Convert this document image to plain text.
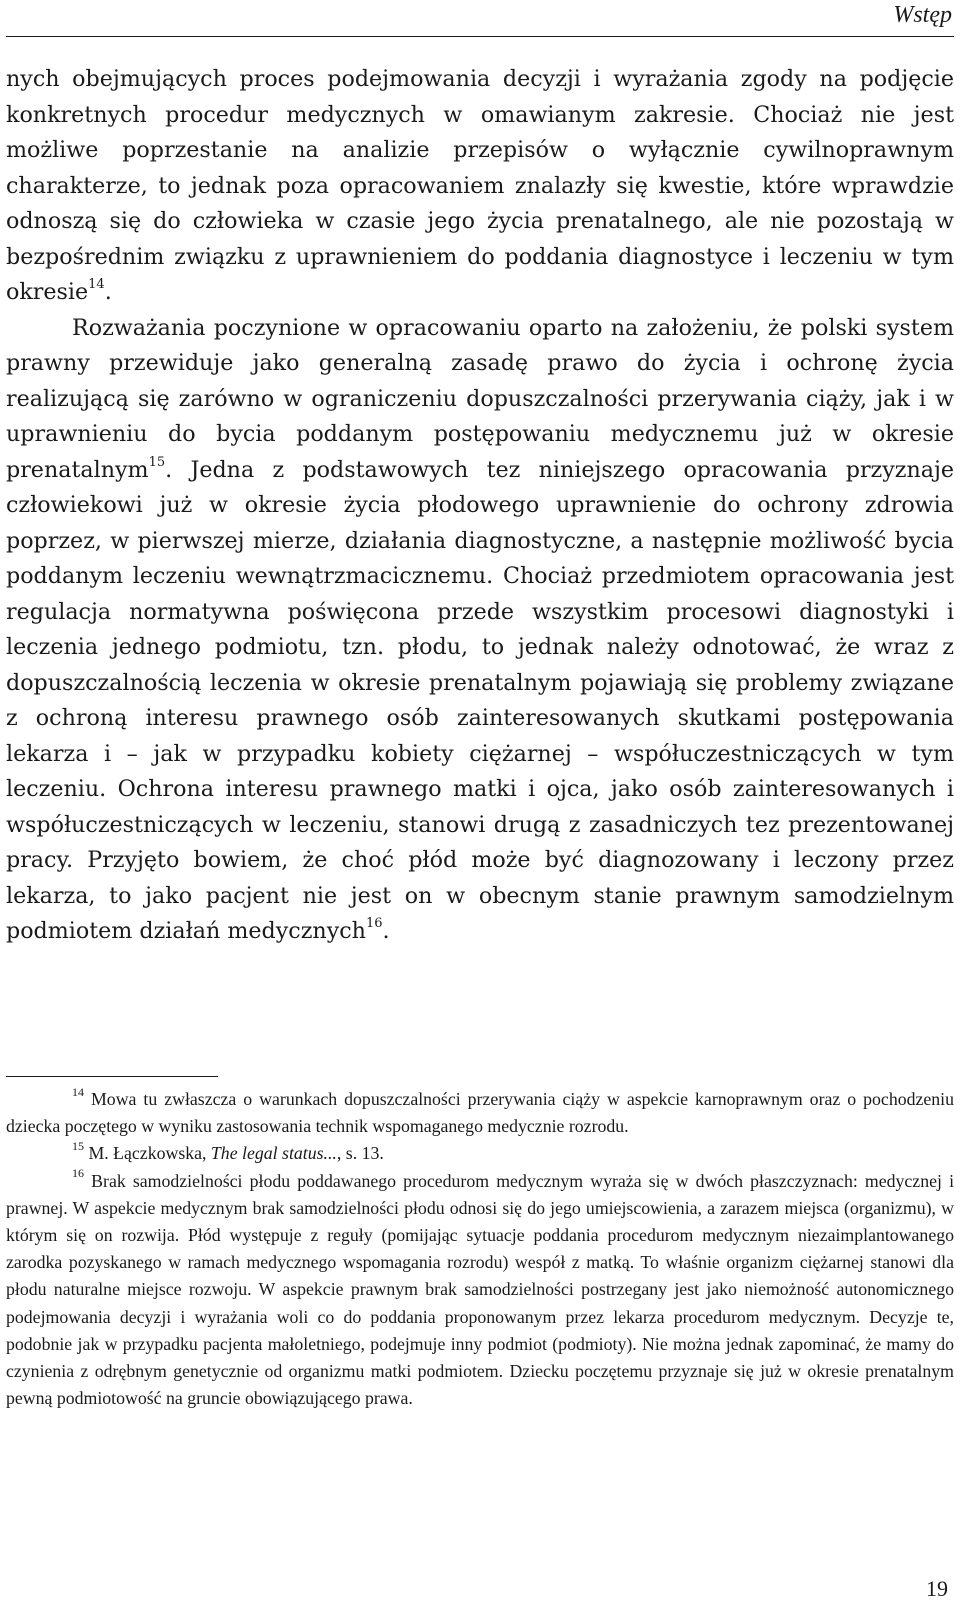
Wstęp

nych obejmujących proces podejmowania decyzji i wyrażania zgody na podjęcie konkretnych procedur medycznych w omawianym zakresie. Chociaż nie jest możliwe poprzestanie na analizie przepisów o wyłącznie cywilnoprawnym charakterze, to jednak poza opracowaniem znalazły się kwestie, które wprawdzie odnoszą się do człowieka w czasie jego życia prenatalnego, ale nie pozostają w bezpośrednim związku z uprawnieniem do poddania diagnostyce i leczeniu w tym okresie$^{14}$.

Rozważania poczynione w opracowaniu oparto na założeniu, że polski system prawny przewiduje jako generalną zasadę prawo do życia i ochronę życia realizującą się zarówno w ograniczeniu dopuszczalności przerywania ciąży, jak i w uprawnieniu do bycia poddanym postępowaniu medycznemu już w okresie prenatalnym$^{15}$. Jedna z podstawowych tez niniejszego opracowania przyznaje człowiekowi już w okresie życia płodowego uprawnienie do ochrony zdrowia poprzez, w pierwszej mierze, działania diagnostyczne, a następnie możliwość bycia poddanym leczeniu wewnątrzmacicznemu. Chociaż przedmiotem opracowania jest regulacja normatywna poświęcona przede wszystkim procesowi diagnostyki i leczenia jednego podmiotu, tzn. płodu, to jednak należy odnotować, że wraz z dopuszczalnością leczenia w okresie prenatalnym pojawiają się problemy związane z ochroną interesu prawnego osób zainteresowanych skutkami postępowania lekarza i – jak w przypadku kobiety ciężarnej – współuczestniczących w tym leczeniu. Ochrona interesu prawnego matki i ojca, jako osób zainteresowanych i współuczestniczących w leczeniu, stanowi drugą z zasadniczych tez prezentowanej pracy. Przyjęto bowiem, że choć płód może być diagnozowany i leczony przez lekarza, to jako pacjent nie jest on w obecnym stanie prawnym samodzielnym podmiotem działań medycznych$^{16}$.

$^{14}$ Mowa tu zwłaszcza o warunkach dopuszczalności przerywania ciąży w aspekcie karnoprawnym oraz o pochodzeniu dziecka poczętego w wyniku zastosowania technik wspomaganego medycznie rozrodu.

$^{15}$ M. Łączkowska, The legal status..., s. 13.

$^{16}$ Brak samodzielności płodu poddawanego procedurom medycznym wyraża się w dwóch płaszczyznach: medycznej i prawnej. W aspekcie medycznym brak samodzielności płodu odnosi się do jego umiejscowienia, a zarazem miejsca (organizmu), w którym się on rozwija. Płód występuje z reguły (pomijając sytuacje poddania procedurom medycznym niezaimplantowanego zarodka pozyskanego w ramach medycznego wspomagania rozrodu) wespół z matką. To właśnie organizm ciężarnej stanowi dla płodu naturalne miejsce rozwoju. W aspekcie prawnym brak samodzielności postrzegany jest jako niemożność autonomicznego podejmowania decyzji i wyrażania woli co do poddania proponowanym przez lekarza procedurom medycznym. Decyzje te, podobnie jak w przypadku pacjenta małoletniego, podejmuje inny podmiot (podmioty). Nie można jednak zapominać, że mamy do czynienia z odrębnym genetycznie od organizmu matki podmiotem. Dziecku poczętemu przyznaje się już w okresie prenatalnym pewną podmiotowość na gruncie obowiązującego prawa.

19
